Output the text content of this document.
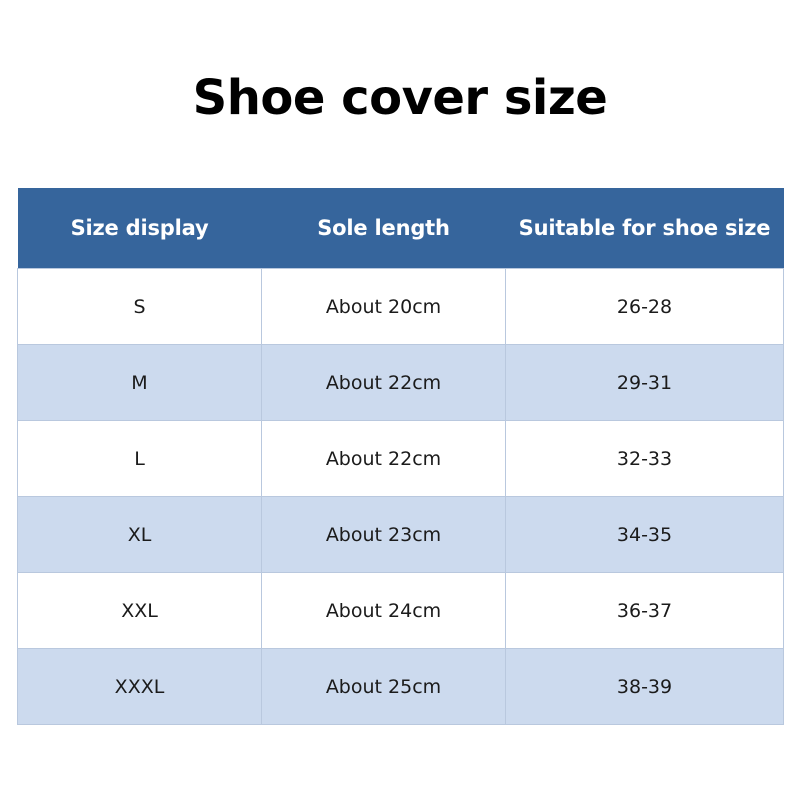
Shoe cover size
Size display	Sole length	Suitable for shoe size
S	About 20cm	26-28
M	About 22cm	29-31
L	About 22cm	32-33
XL	About 23cm	34-35
XXL	About 24cm	36-37
XXXL	About 25cm	38-39
